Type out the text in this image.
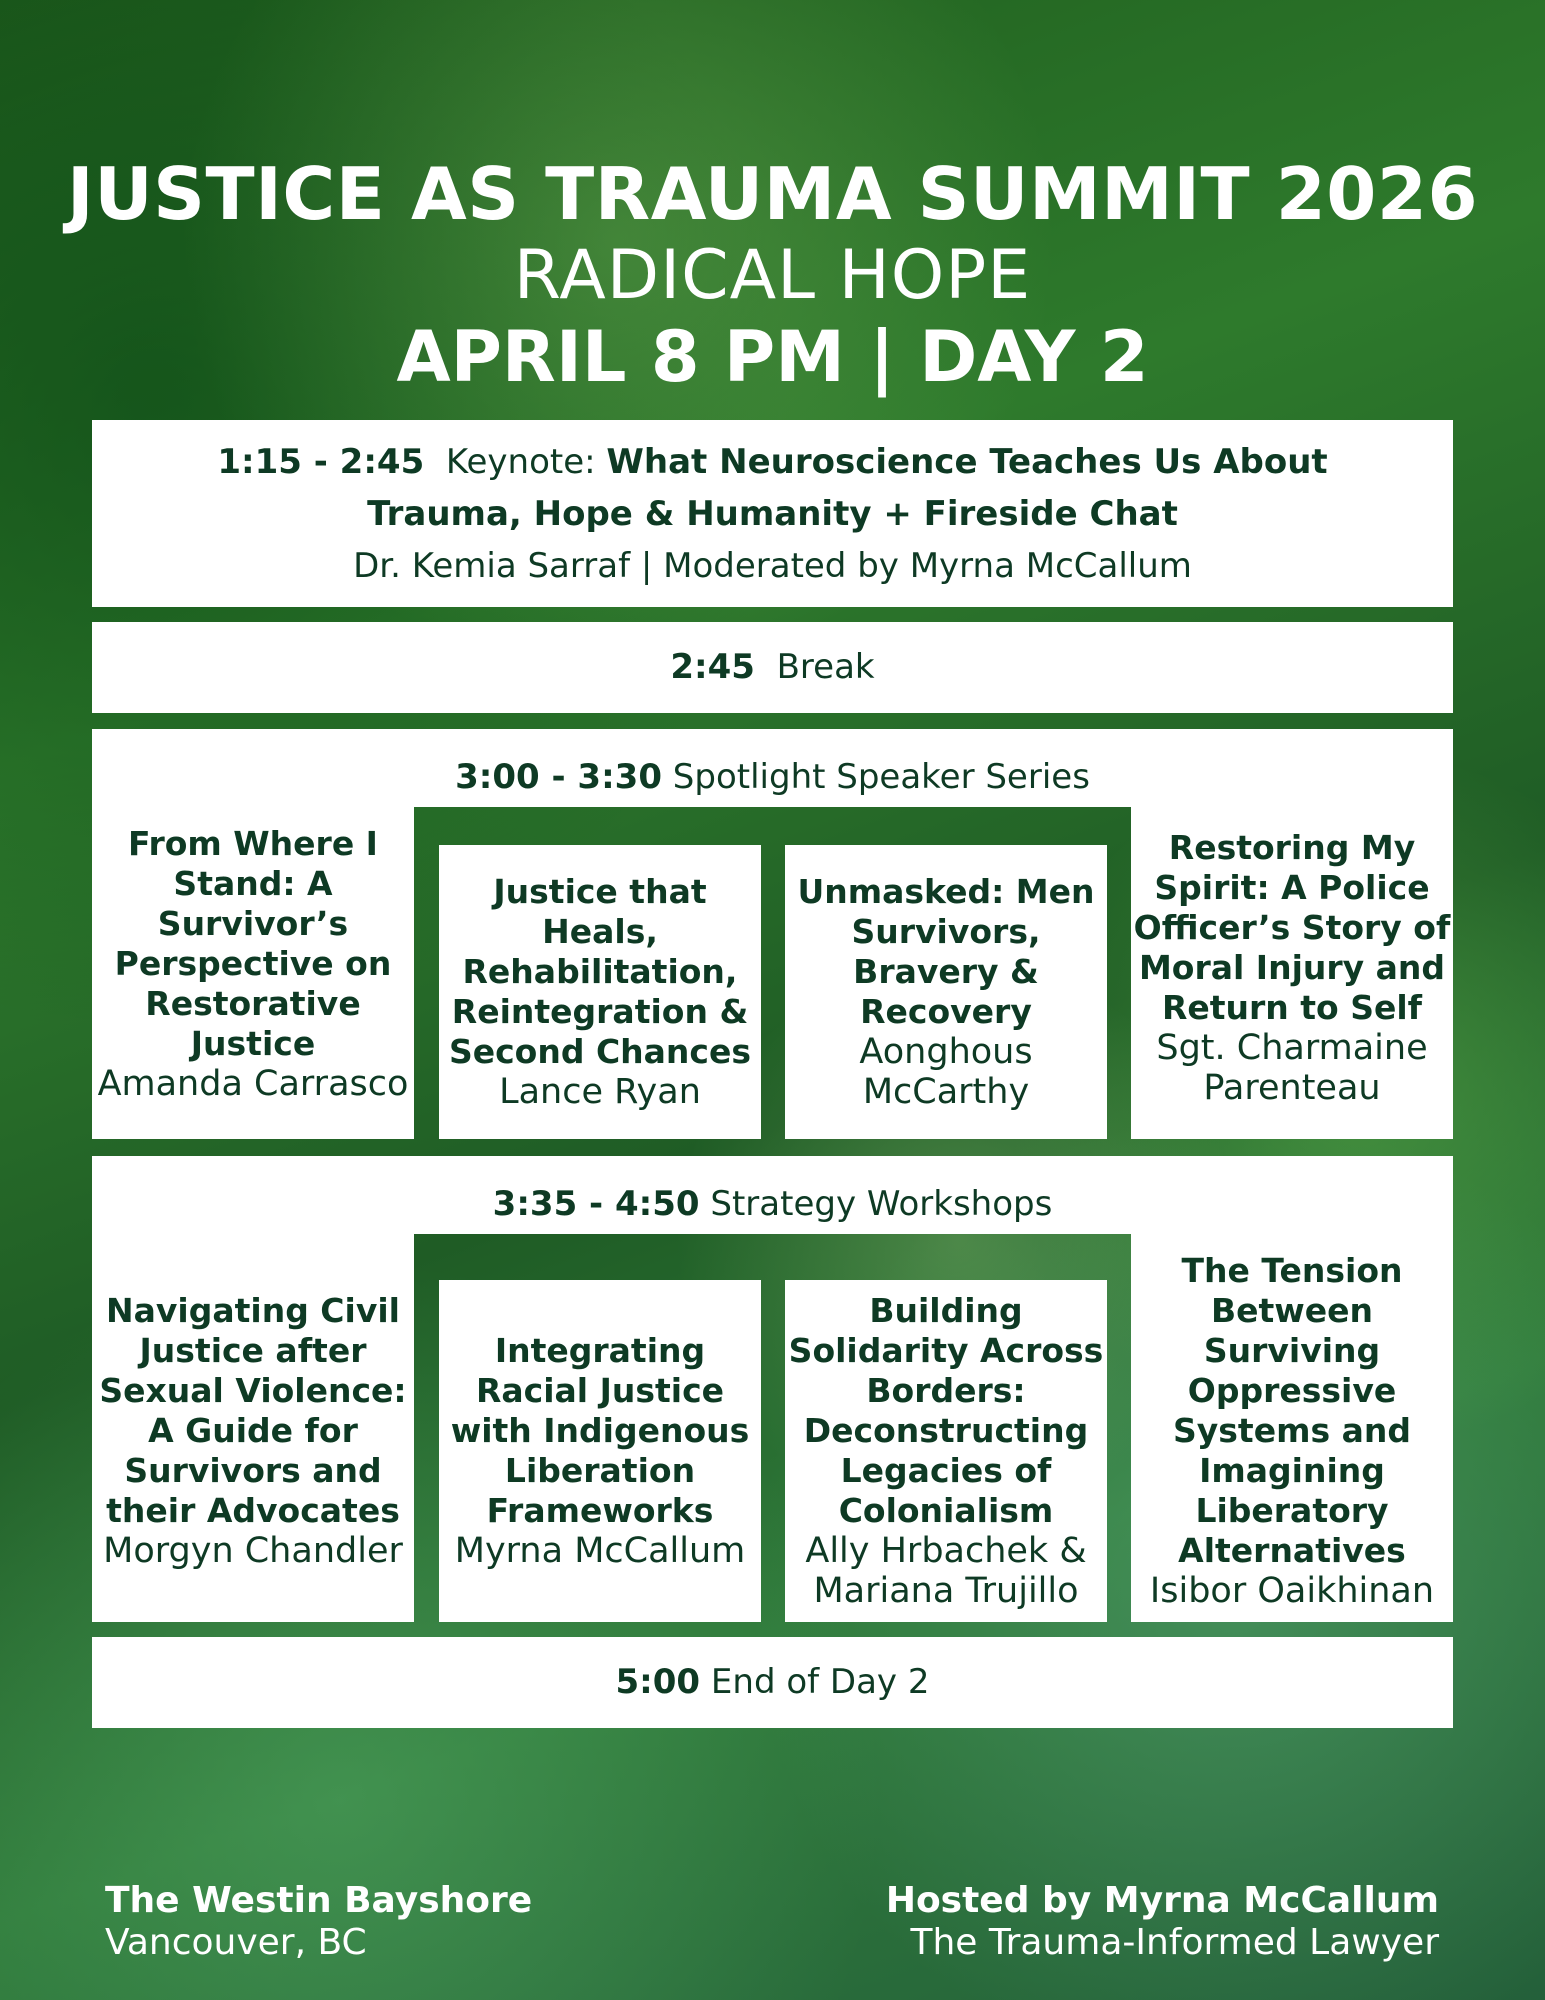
JUSTICE AS TRAUMA SUMMIT 2026
RADICAL HOPE
APRIL 8 PM | DAY 2
1:15 - 2:45 Keynote: What Neuroscience Teaches Us About
Trauma, Hope & Humanity + Fireside Chat
Dr. Kemia Sarraf | Moderated by Myrna McCallum
2:45 Break
3:00 - 3:30 Spotlight Speaker Series
From Where I Stand: A Survivor’s Perspective on Restorative Justice
Amanda Carrasco
Justice that Heals, Rehabilitation, Reintegration & Second Chances
Lance Ryan
Unmasked: Men Survivors, Bravery & Recovery
Aonghous McCarthy
Restoring My Spirit: A Police Officer’s Story of Moral Injury and Return to Self
Sgt. Charmaine Parenteau
3:35 - 4:50 Strategy Workshops
Navigating Civil Justice after Sexual Violence: A Guide for Survivors and their Advocates
Morgyn Chandler
Integrating Racial Justice with Indigenous Liberation Frameworks
Myrna McCallum
Building Solidarity Across Borders: Deconstructing Legacies of Colonialism
Ally Hrbachek & Mariana Trujillo
The Tension Between Surviving Oppressive Systems and Imagining Liberatory Alternatives
Isibor Oaikhinan
5:00 End of Day 2
The Westin Bayshore
Vancouver, BC
Hosted by Myrna McCallum
The Trauma-Informed Lawyer
